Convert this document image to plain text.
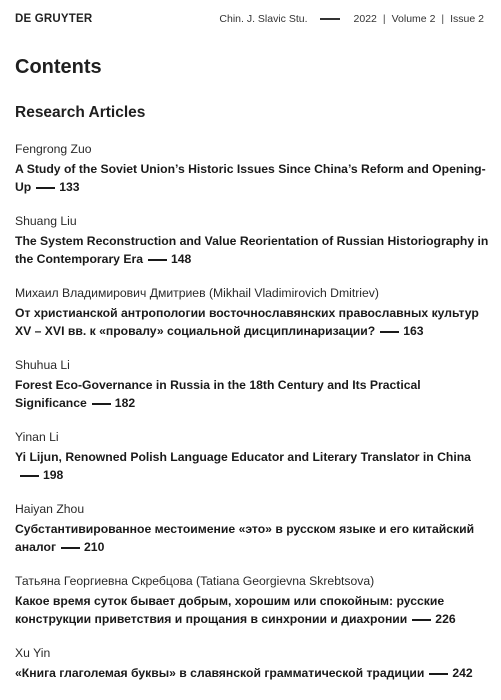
DE GRUYTER	Chin. J. Slavic Stu.	2022 | Volume 2 | Issue 2
Contents
Research Articles
Fengrong Zuo
A Study of the Soviet Union’s Historic Issues Since China’s Reform and Opening-Up 133
Shuang Liu
The System Reconstruction and Value Reorientation of Russian Historiography in the Contemporary Era 148
Михаил Владимирович Дмитриев (Mikhail Vladimirovich Dmitriev)
От христианской антропологии восточнославянских православных культур XV – XVI вв. к «провалу» социальной дисциплинаризации? 163
Shuhua Li
Forest Eco-Governance in Russia in the 18th Century and Its Practical Significance 182
Yinan Li
Yi Lijun, Renowned Polish Language Educator and Literary Translator in China198
Haiyan Zhou
Субстантивированное местоимение «это» в русском языке и его китайский аналог 210
Татьяна Георгиевна Скребцова (Tatiana Georgievna Skrebtsova)
Какое время суток бывает добрым, хорошим или спокойным: русские конструкции приветствия и прощания в синхронии и диахронии 226
Xu Yin
«Книга глаголемая буквы» в славянской грамматической традиции 242
